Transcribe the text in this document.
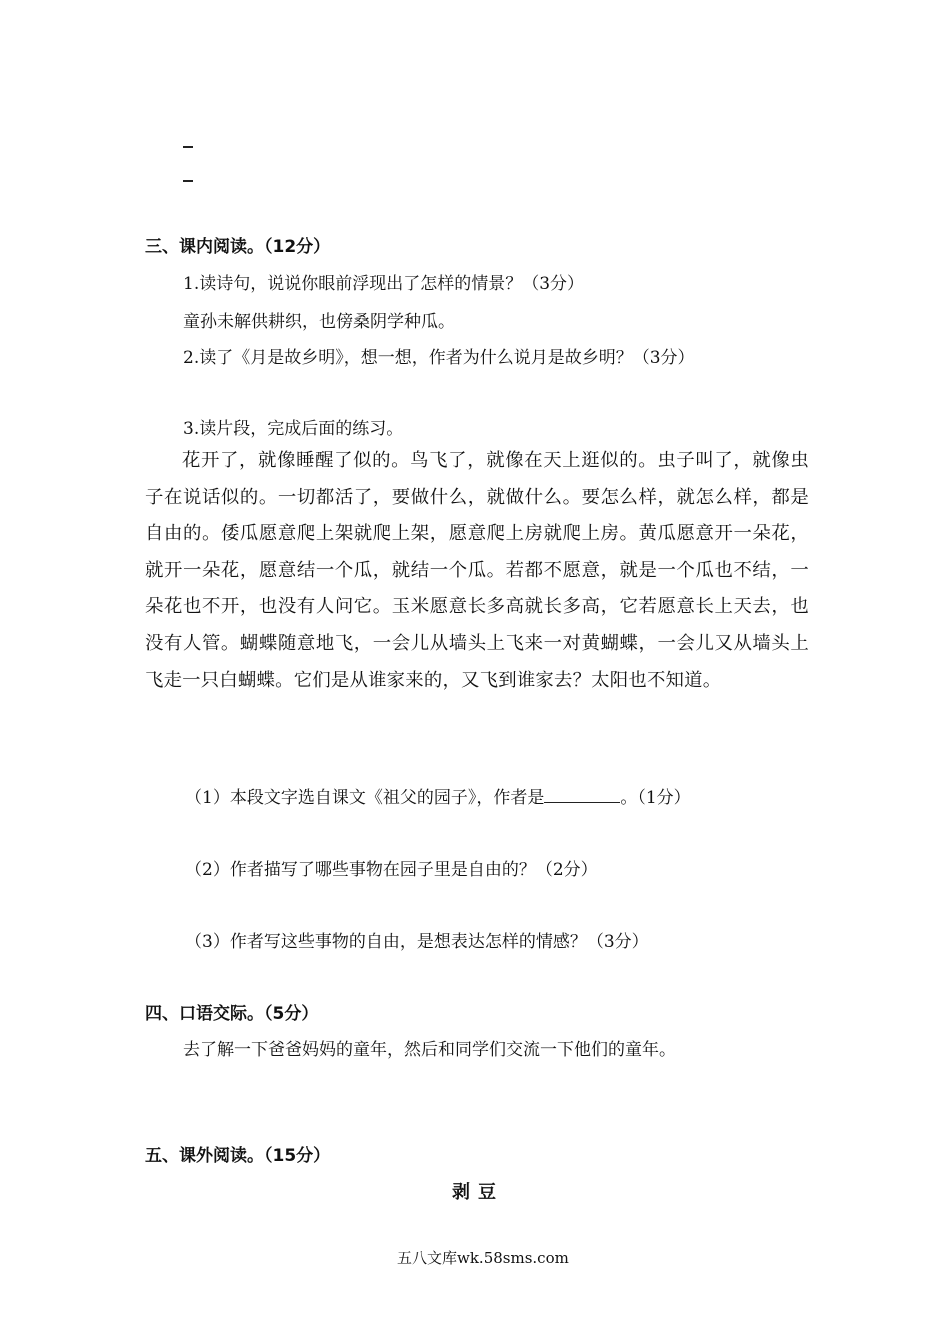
三、课内阅读。（12分）
1.读诗句，说说你眼前浮现出了怎样的情景？（3分）
童孙未解供耕织，也傍桑阴学种瓜。
2.读了《月是故乡明》，想一想，作者为什么说月是故乡明？（3分）
3.读片段，完成后面的练习。
花开了，就像睡醒了似的。鸟飞了，就像在天上逛似的。虫子叫了，就像虫子在说话似的。一切都活了，要做什么，就做什么。要怎么样，就怎么样，都是自由的。倭瓜愿意爬上架就爬上架，愿意爬上房就爬上房。黄瓜愿意开一朵花，就开一朵花，愿意结一个瓜，就结一个瓜。若都不愿意，就是一个瓜也不结，一朵花也不开，也没有人问它。玉米愿意长多高就长多高，它若愿意长上天去，也没有人管。蝴蝶随意地飞，一会儿从墙头上飞来一对黄蝴蝶，一会儿又从墙头上飞走一只白蝴蝶。它们是从谁家来的，又飞到谁家去？太阳也不知道。
（1）本段文字选自课文《祖父的园子》，作者是	。（1分）
（2）作者描写了哪些事物在园子里是自由的？（2分）
（3）作者写这些事物的自由，是想表达怎样的情感？（3分）
四、口语交际。（5分）
去了解一下爸爸妈妈的童年，然后和同学们交流一下他们的童年。
五、课外阅读。（15分）
剥豆
五八文库wk.58sms.com
